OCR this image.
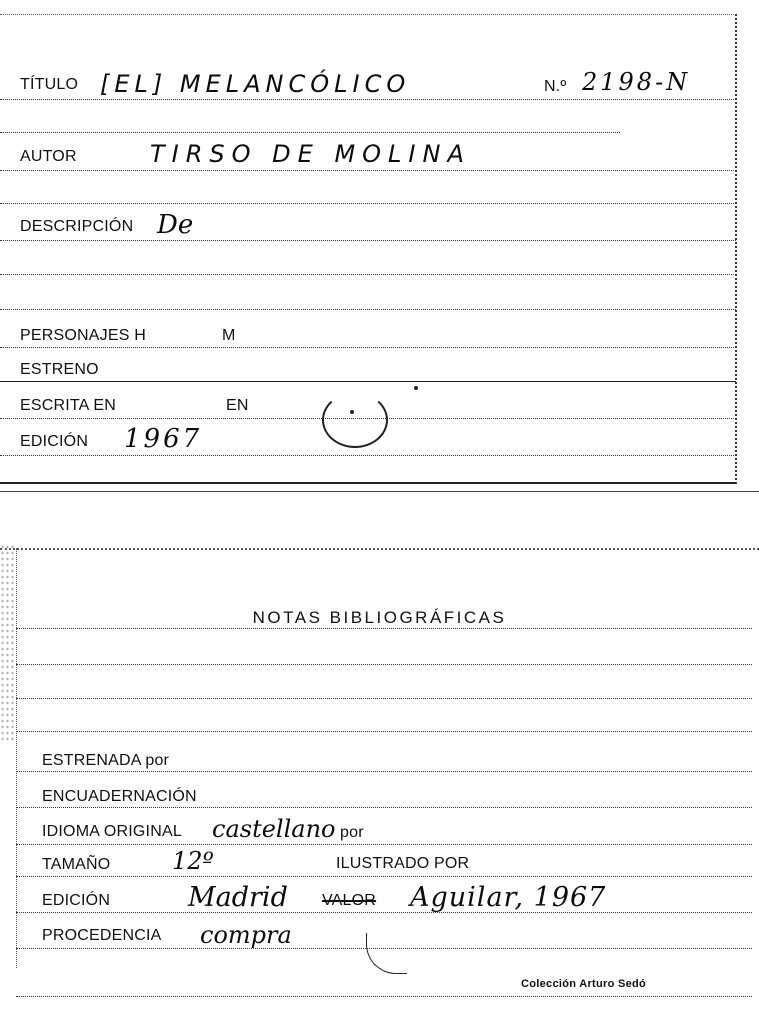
TÍTULO [EL] MELANCÓLICO	N.º 2198-N
AUTOR	TIRSO DE MOLINA
DESCRIPCIÓN De
PERSONAJES H	M
ESTRENO
ESCRITA EN	EN
EDICIÓN 1967
NOTAS BIBLIOGRÁFICAS
ESTRENADA por
ENCUADERNACIÓN
IDIOMA ORIGINAL castellano por
TAMAÑO	12º	ILUSTRADO POR
EDICIÓN	Madrid VALOR Aguilar, 1967
PROCEDENCIA compra
Colección Arturo Sedó
